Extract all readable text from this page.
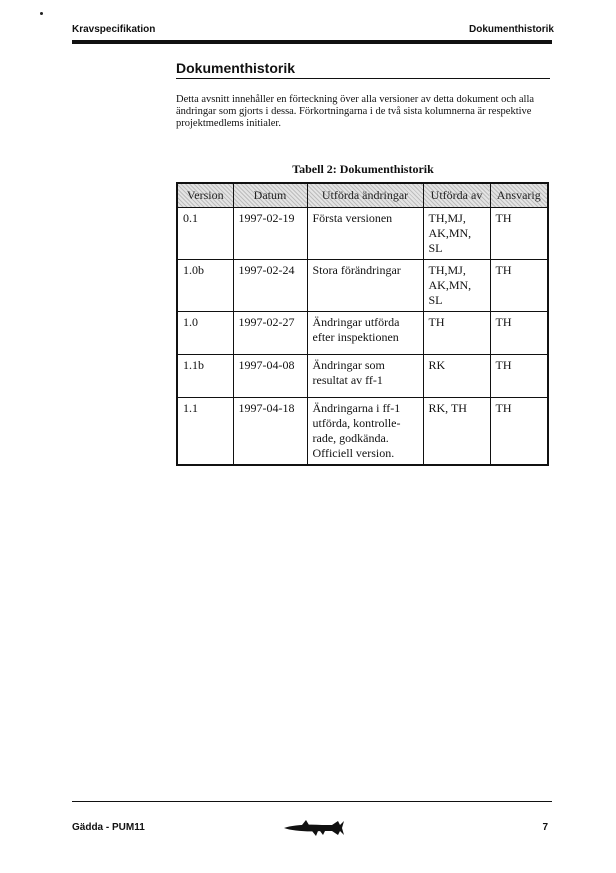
Kravspecifikation	Dokumenthistorik
Dokumenthistorik

Detta avsnitt innehåller en förteckning över alla versioner av detta dokument och alla ändringar som gjorts i dessa. Förkortningarna i de två sista kolumnerna är respektive projektmedlems initialer.

Tabell 2: Dokumenthistorik
Version	Datum	Utförda ändringar	Utförda av	Ansvarig
0.1	1997-02-19	Första versionen	TH,MJ, AK,MN, SL	TH
1.0b	1997-02-24	Stora förändringar	TH,MJ, AK,MN, SL	TH
1.0	1997-02-27	Ändringar utförda efter inspektionen	TH	TH
1.1b	1997-04-08	Ändringar som resultat av ff-1	RK	TH
1.1	1997-04-18	Ändringarna i ff-1 utförda, kontrolle-rade, godkända. Officiell version.	RK, TH	TH
Gädda - PUM11	7
